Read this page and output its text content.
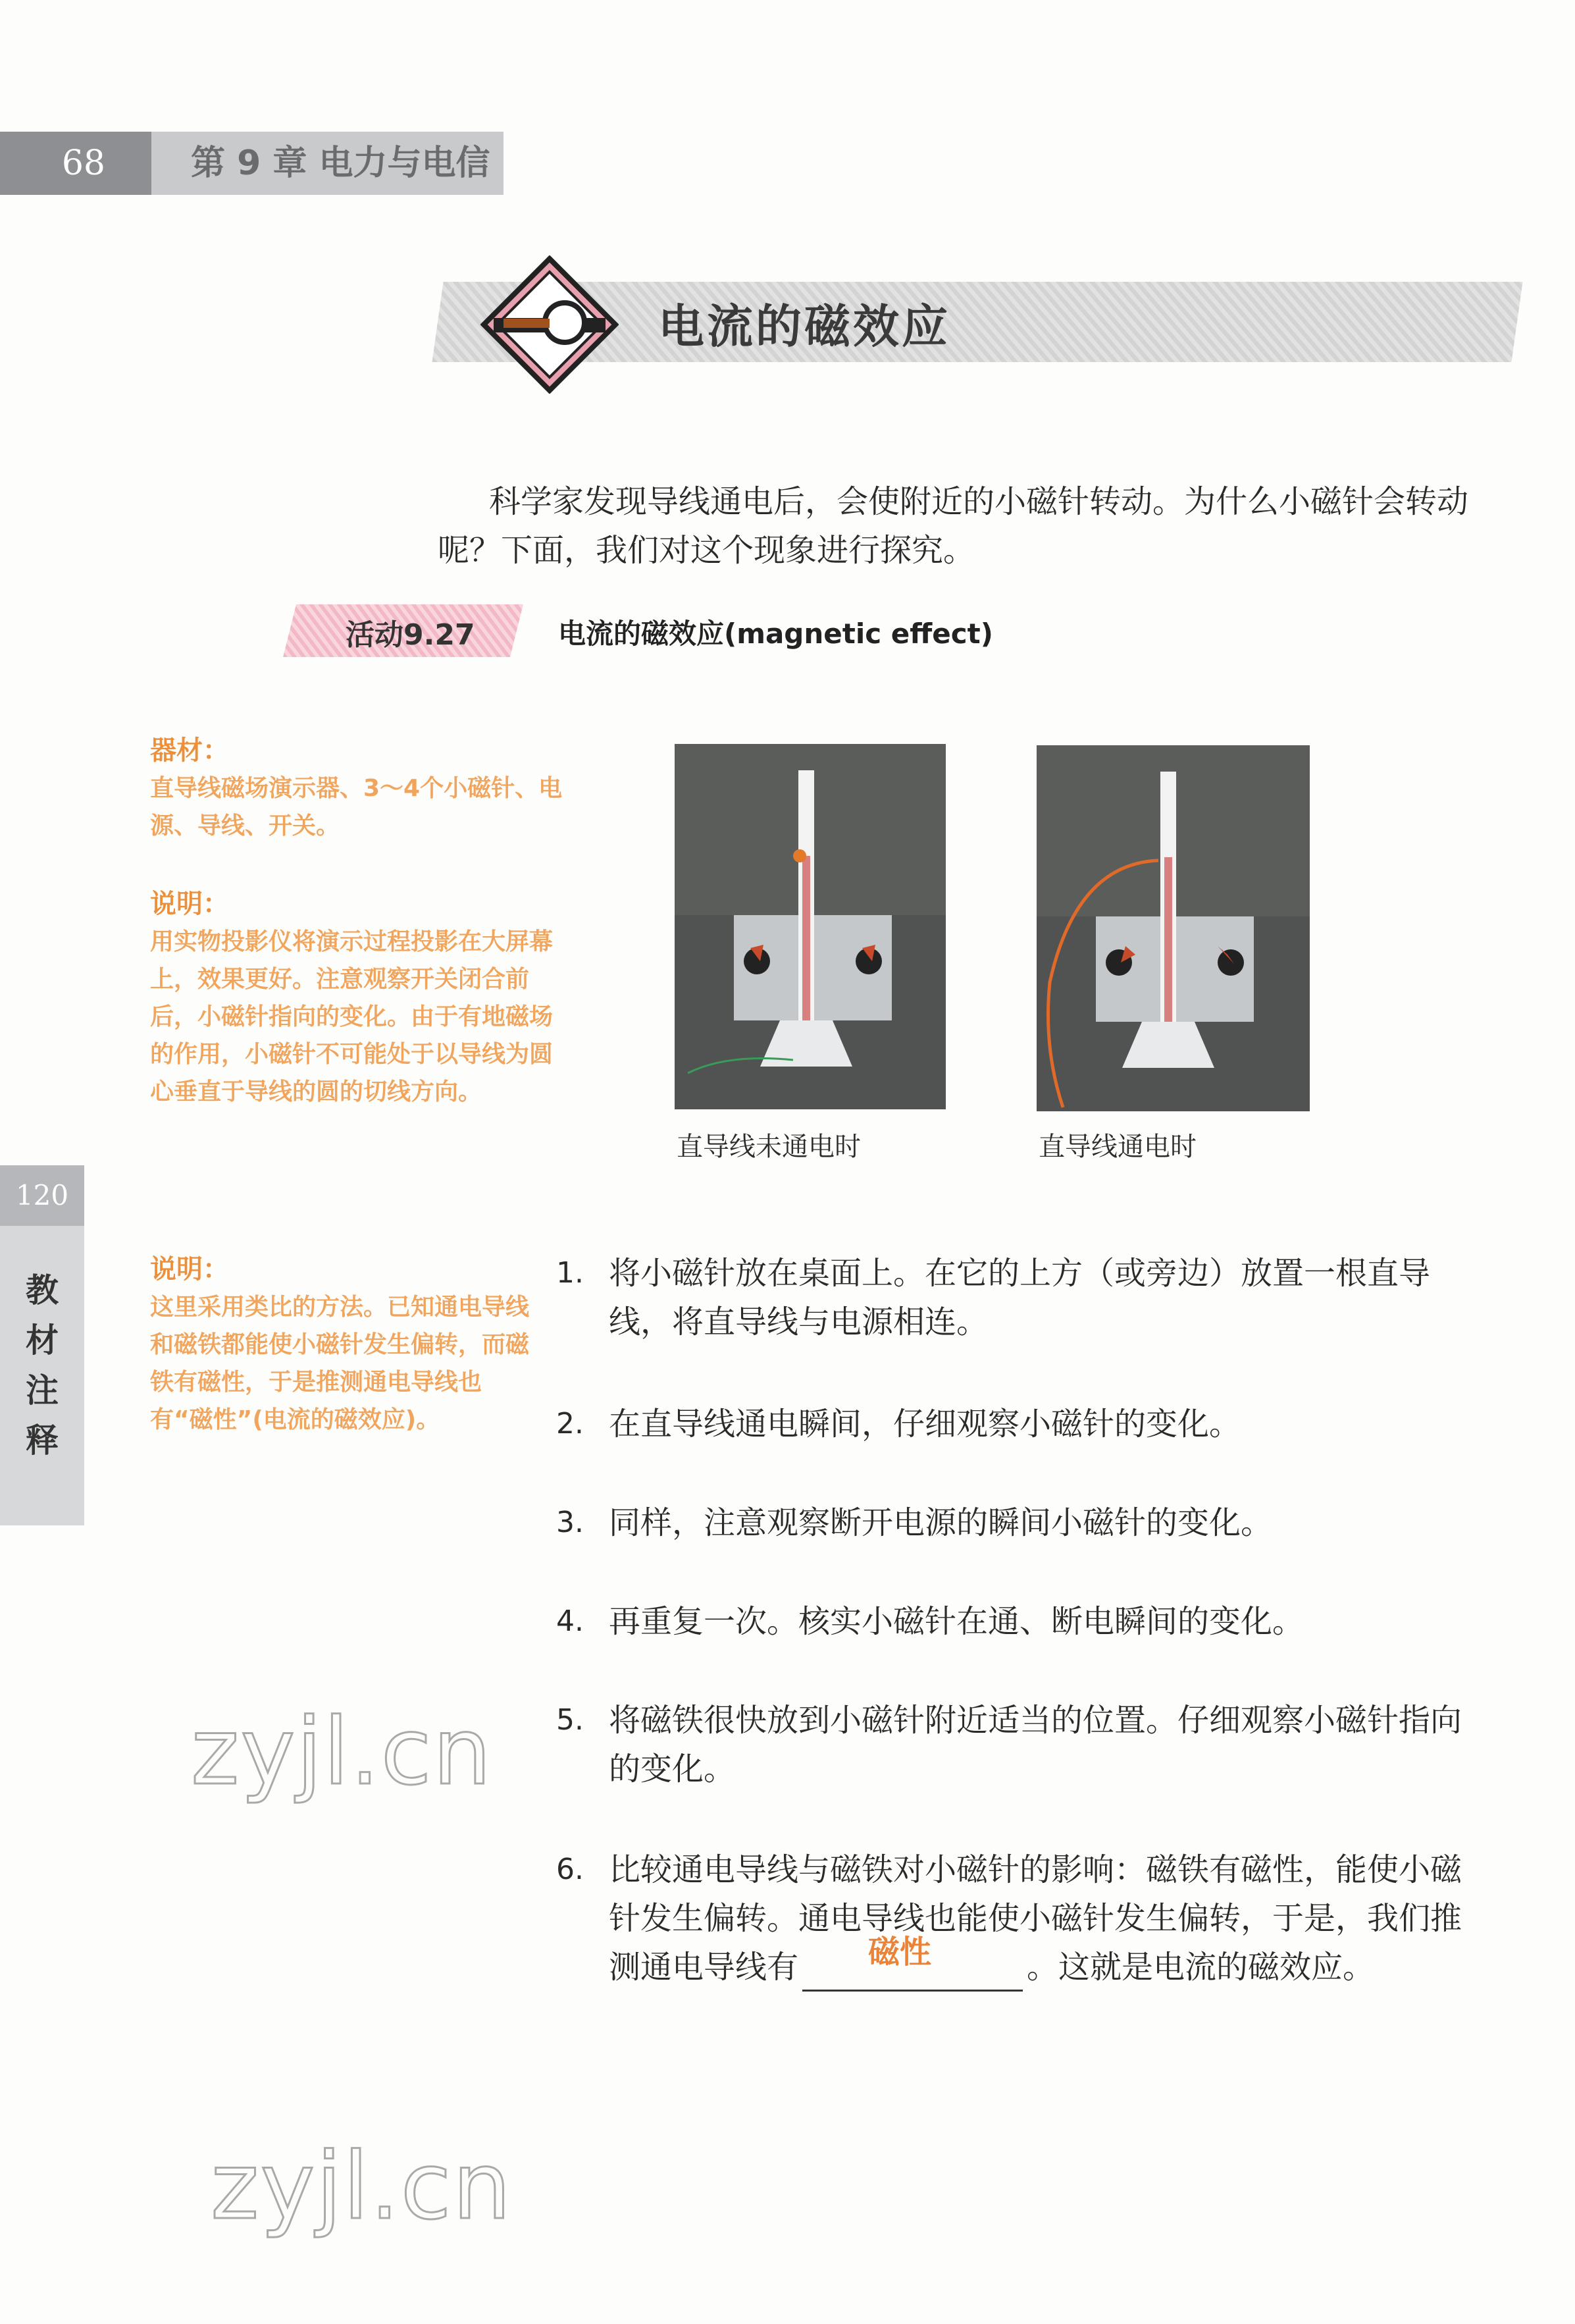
68	第 9 章 电力与电信
电流的磁效应
科学家发现导线通电后，会使附近的小磁针转动。为什么小磁针会转动呢？下面，我们对这个现象进行探究。
活动9.27	电流的磁效应(magnetic effect)
器材：
直导线磁场演示器、3～4个小磁针、电源、导线、开关。
说明：
用实物投影仪将演示过程投影在大屏幕上，效果更好。注意观察开关闭合前后，小磁针指向的变化。由于有地磁场的作用，小磁针不可能处于以导线为圆心垂直于导线的圆的切线方向。
说明：
这里采用类比的方法。已知通电导线和磁铁都能使小磁针发生偏转，而磁铁有磁性，于是推测通电导线也有“磁性”(电流的磁效应)。
直导线未通电时	直导线通电时
120
教
材
注
释
1. 将小磁针放在桌面上。在它的上方（或旁边）放置一根直导线，将直导线与电源相连。
2. 在直导线通电瞬间，仔细观察小磁针的变化。
3. 同样，注意观察断开电源的瞬间小磁针的变化。
4. 再重复一次。核实小磁针在通、断电瞬间的变化。
5. 将磁铁很快放到小磁针附近适当的位置。仔细观察小磁针指向的变化。
6. 比较通电导线与磁铁对小磁针的影响：磁铁有磁性，能使小磁针发生偏转。通电导线也能使小磁针发生偏转，于是，我们推测通电导线有 磁性	。这就是电流的磁效应。
zyjl.cn
zyjl.cn
